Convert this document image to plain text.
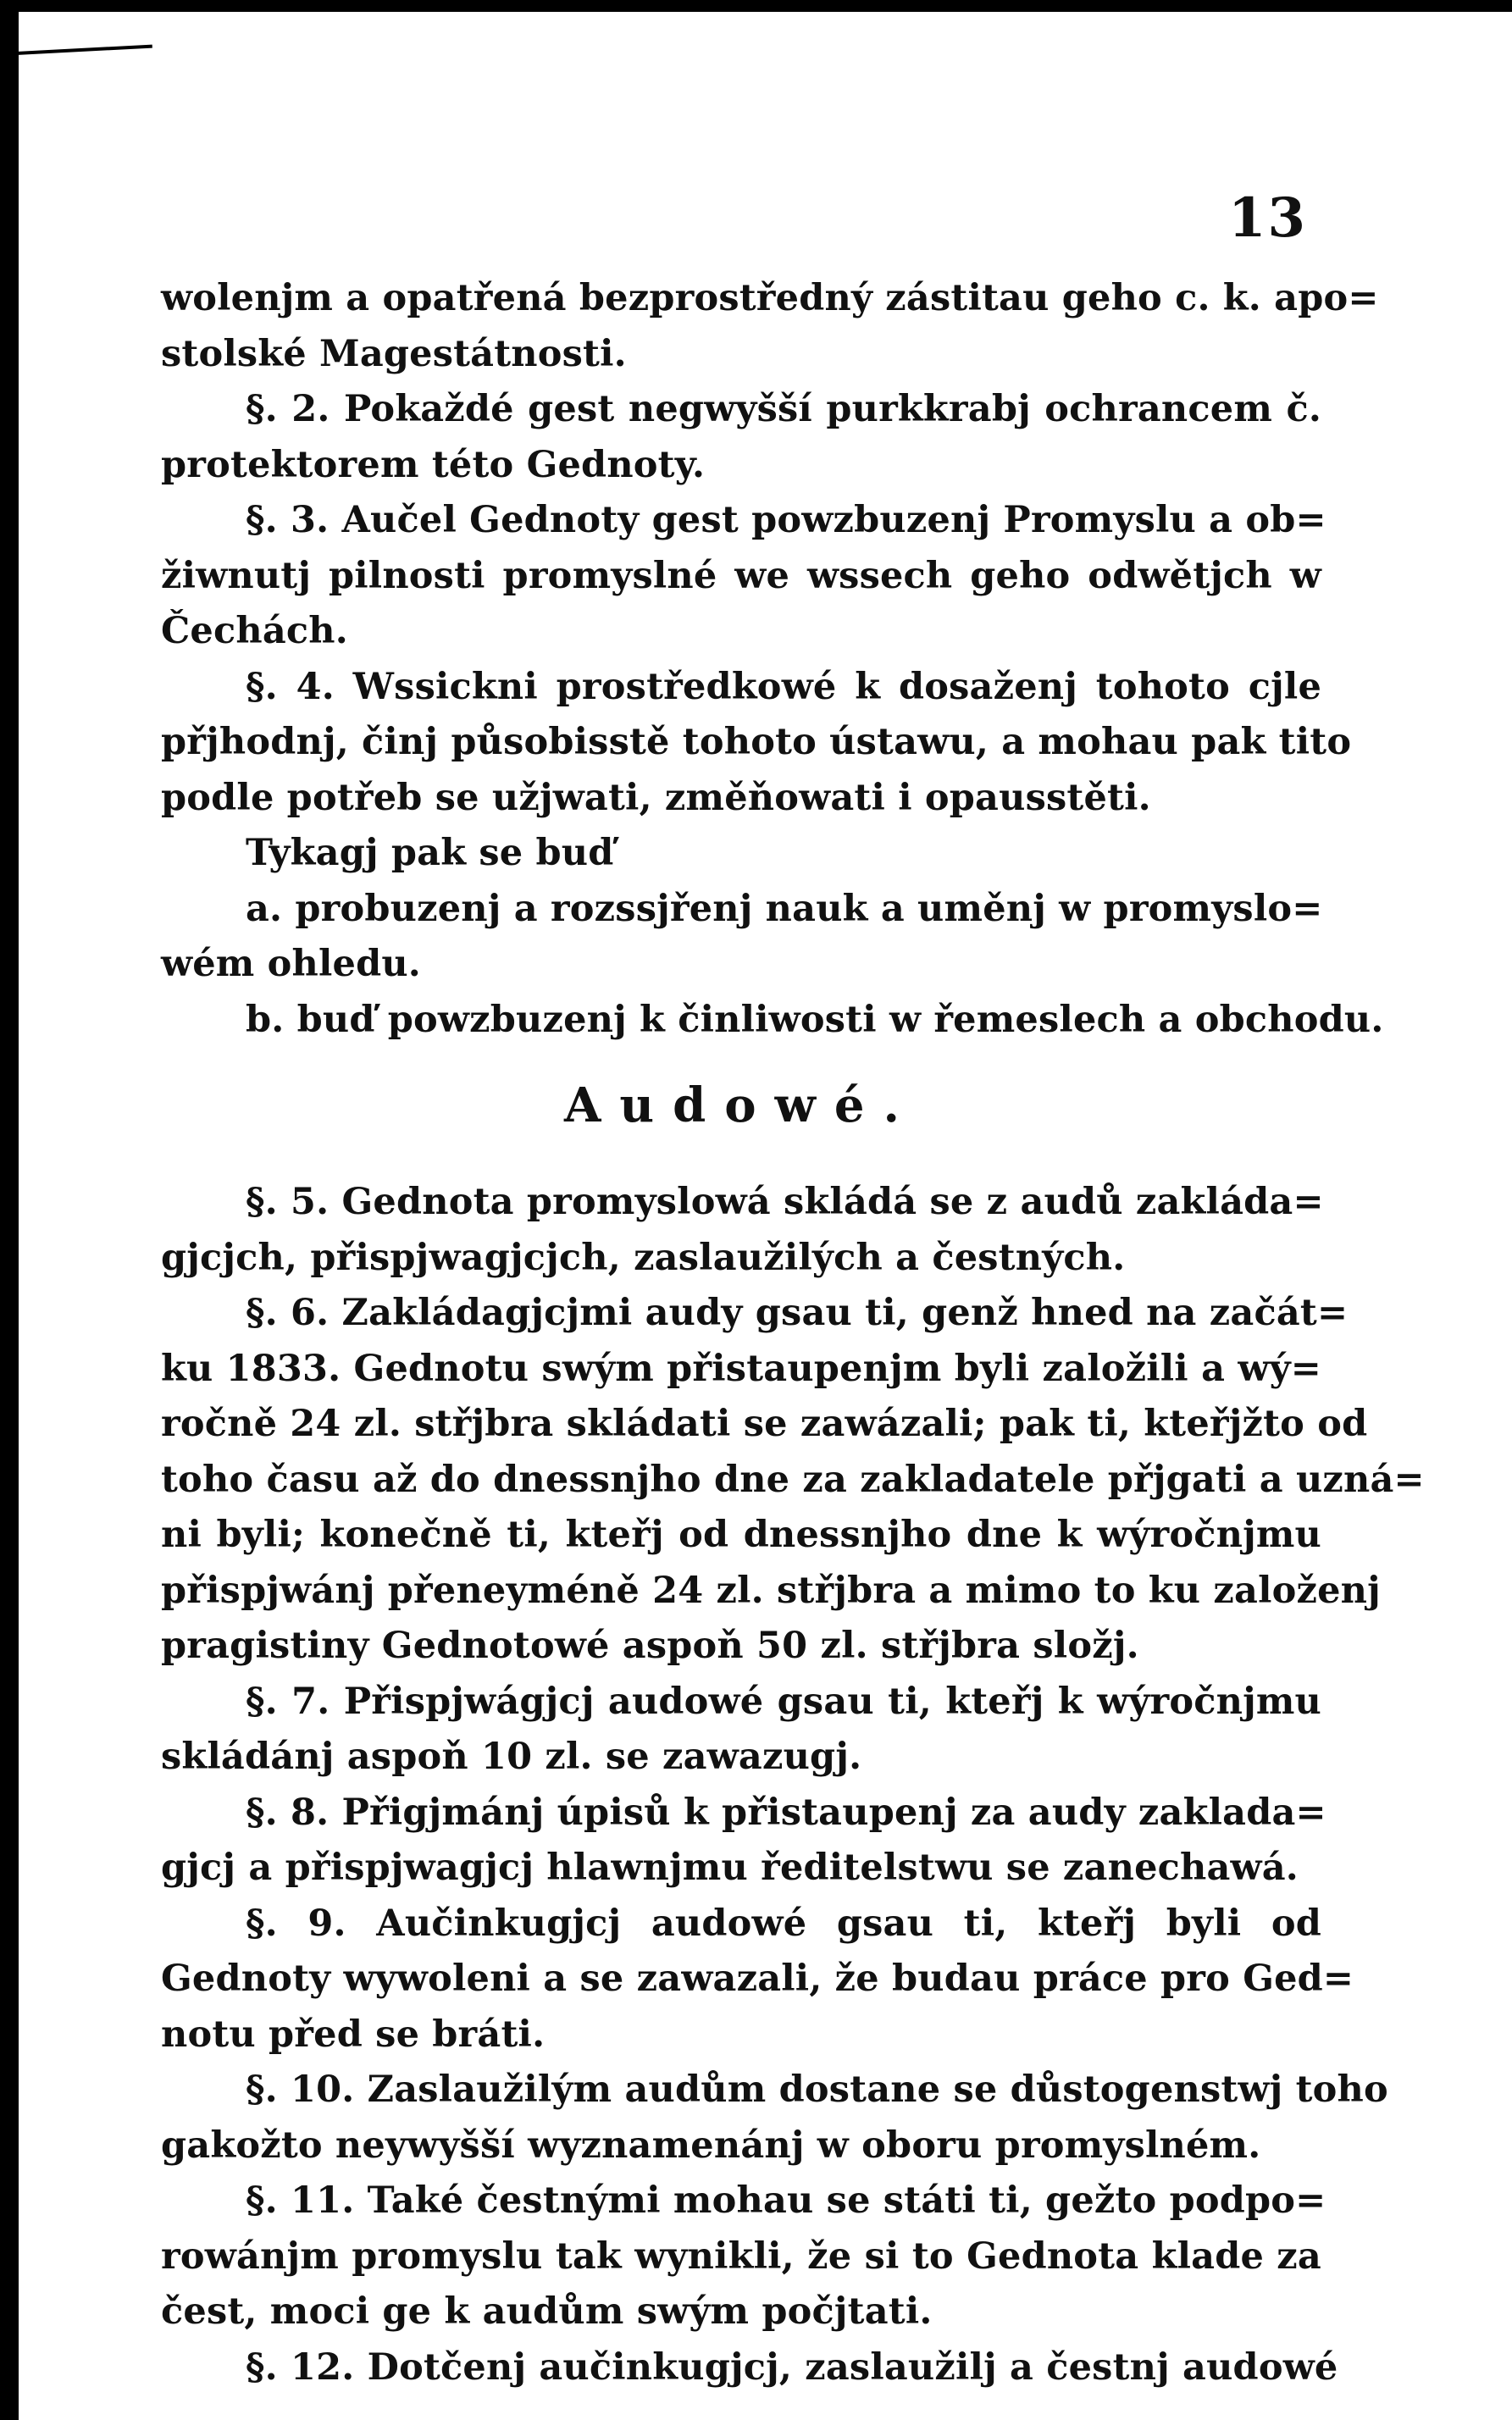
13
wolenjm a opatřená bezprostředný zástitau geho c. k. apo=
stolské Magestátnosti.
§. 2. Pokaždé gest negwyšší purkkrabj ochrancem č.
protektorem této Gednoty.
§. 3. Aučel Gednoty gest powzbuzenj Promyslu a ob=
žiwnutj pilnosti promyslné we wssech geho odwětjch w
Čechách.
§. 4. Wssickni prostředkowé k dosaženj tohoto cjle
přjhodnj, činj působisstě tohoto ústawu, a mohau pak tito
podle potřeb se užjwati, změňowati i opausstěti.
Tykagj pak se buď
a. probuzenj a rozssjřenj nauk a uměnj w promyslo=
wém ohledu.
b. buď powzbuzenj k činliwosti w řemeslech a obchodu.
Audowé.
§. 5. Gednota promyslowá skládá se z audů zakláda=
gjcjch, přispjwagjcjch, zaslaužilých a čestných.
§. 6. Zakládagjcjmi audy gsau ti, genž hned na začát=
ku 1833. Gednotu swým přistaupenjm byli založili a wý=
ročně 24 zl. střjbra skládati se zawázali; pak ti, kteřjžto od
toho času až do dnessnjho dne za zakladatele přjgati a uzná=
ni byli; konečně ti, kteřj od dnessnjho dne k wýročnjmu
přispjwánj přeneyméně 24 zl. střjbra a mimo to ku založenj
pragistiny Gednotowé aspoň 50 zl. střjbra složj.
§. 7. Přispjwágjcj audowé gsau ti, kteřj k wýročnjmu
skládánj aspoň 10 zl. se zawazugj.
§. 8. Přigjmánj úpisů k přistaupenj za audy zaklada=
gjcj a přispjwagjcj hlawnjmu ředitelstwu se zanechawá.
§. 9. Aučinkugjcj audowé gsau ti, kteřj byli od
Gednoty wywoleni a se zawazali, že budau práce pro Ged=
notu před se bráti.
§. 10. Zaslaužilým audům dostane se důstogenstwj toho
gakožto neywyšší wyznamenánj w oboru promyslném.
§. 11. Také čestnými mohau se státi ti, gežto podpo=
rowánjm promyslu tak wynikli, že si to Gednota klade za
čest, moci ge k audům swým počjtati.
§. 12. Dotčenj aučinkugjcj, zaslaužilj a čestnj audowé
